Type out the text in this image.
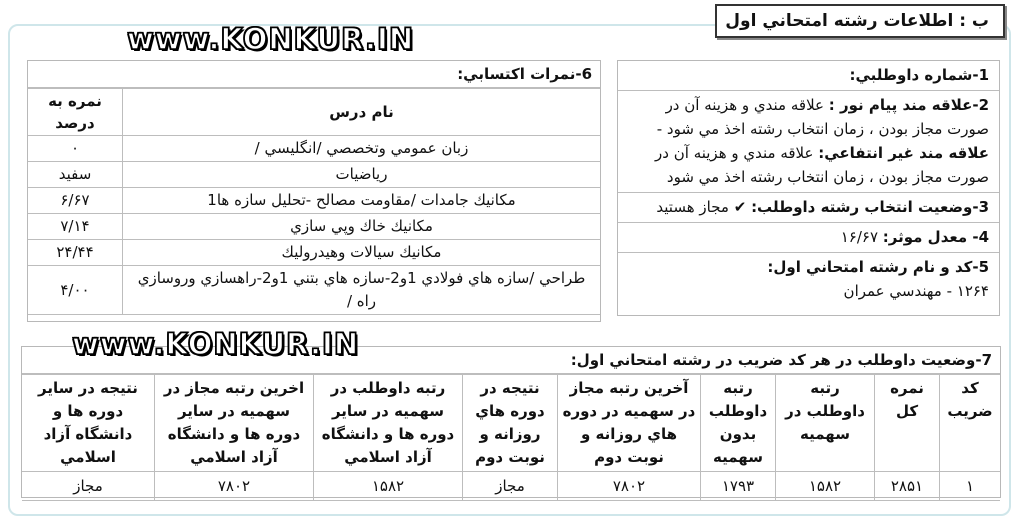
ب : اطلاعات رشته امتحاني اول
www.KONKUR.IN
1-شماره داوطلبي:
2-علاقه مند پيام نور : علاقه مندي و هزينه آن در صورت مجاز بودن ، زمان انتخاب رشته اخذ مي شود - علاقه مند غير انتفاعي: علاقه مندي و هزينه آن در صورت مجاز بودن ، زمان انتخاب رشته اخذ مي شود
3-وضعيت انتخاب رشته داوطلب: ✔ مجاز هستيد
4- معدل موثر: ۱۶/۶۷
5-كد و نام رشته امتحاني اول:
۱۲۶۴ - مهندسي عمران
6-نمرات اكتسابي:
نام درس	نمره به درصد
زبان عمومي وتخصصي /انگليسي /	۰
رياضيات	سفيد
مكانيك جامدات /مقاومت مصالح -تحليل سازه ها1	۶/۶۷
مكانيك خاك وپي سازي	۷/۱۴
مكانيك سيالات وهيدروليك	۲۴/۴۴
طراحي /سازه هاي فولادي 1و2-سازه هاي بتني 1و2-راهسازي وروسازي راه /	۴/۰۰
7-وضعيت داوطلب در هر كد ضريب در رشته امتحاني اول:
كد ضريب	نمره كل	رتبه داوطلب در سهميه	رتبه داوطلب بدون سهميه	آخرين رتبه مجاز در سهميه در دوره هاي روزانه و نوبت دوم	نتيجه در دوره هاي روزانه و نوبت دوم	رتبه داوطلب در سهميه در ساير دوره ها و دانشگاه آزاد اسلامي	اخرين رتبه مجاز در سهميه در ساير دوره ها و دانشگاه آزاد اسلامي	نتيجه در ساير دوره ها و دانشگاه آزاد اسلامي
۱	۲۸۵۱	۱۵۸۲	۱۷۹۳	۷۸۰۲	مجاز	۱۵۸۲	۷۸۰۲	مجاز
www.KONKUR.IN
